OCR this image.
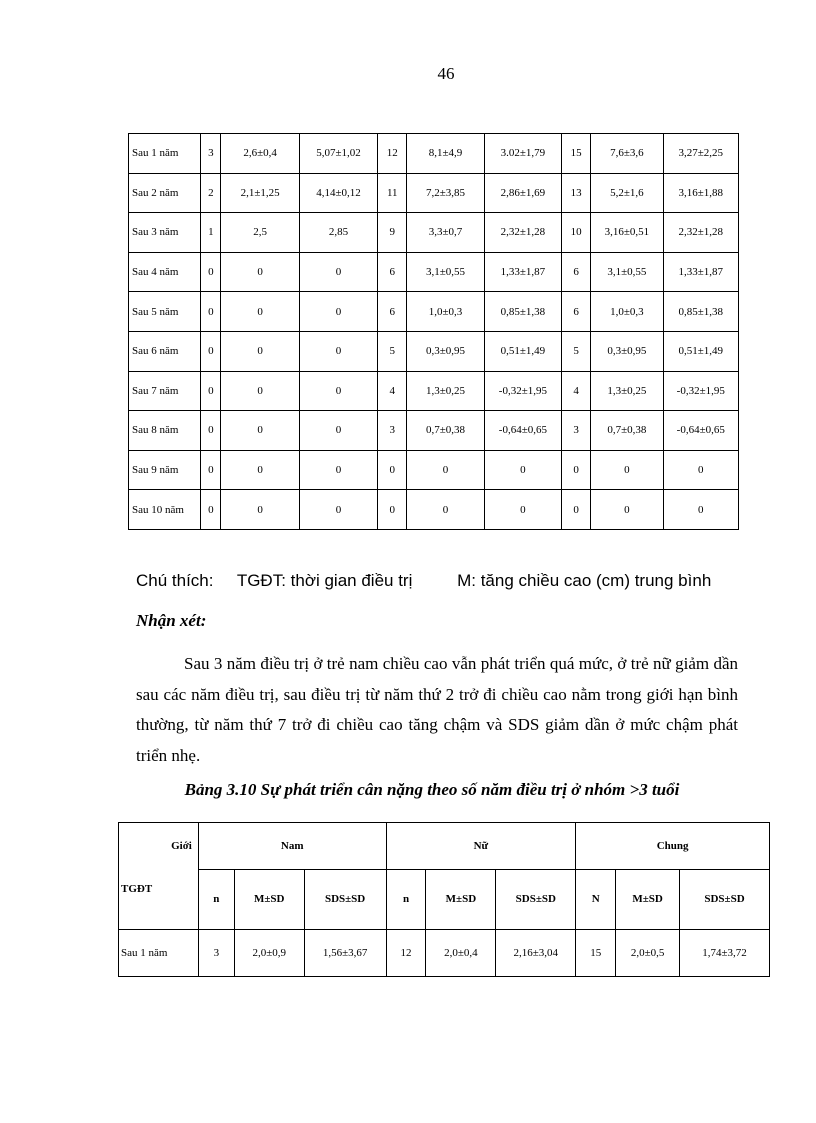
46
Sau 1 năm	3	2,6±0,4	5,07±1,02	12	8,1±4,9	3.02±1,79	15	7,6±3,6	3,27±2,25
Sau 2 năm	2	2,1±1,25	4,14±0,12	11	7,2±3,85	2,86±1,69	13	5,2±1,6	3,16±1,88
Sau 3 năm	1	2,5	2,85	9	3,3±0,7	2,32±1,28	10	3,16±0,51	2,32±1,28
Sau 4 năm	0	0	0	6	3,1±0,55	1,33±1,87	6	3,1±0,55	1,33±1,87
Sau 5 năm	0	0	0	6	1,0±0,3	0,85±1,38	6	1,0±0,3	0,85±1,38
Sau 6 năm	0	0	0	5	0,3±0,95	0,51±1,49	5	0,3±0,95	0,51±1,49
Sau 7 năm	0	0	0	4	1,3±0,25	-0,32±1,95	4	1,3±0,25	-0,32±1,95
Sau 8 năm	0	0	0	3	0,7±0,38	-0,64±0,65	3	0,7±0,38	-0,64±0,65
Sau 9 năm	0	0	0	0	0	0	0	0	0
Sau 10 năm	0	0	0	0	0	0	0	0	0
Chú thích: TGĐT: thời gian điều trị	M: tăng chiều cao (cm) trung bình
Nhận xét:

Sau 3 năm điều trị ở trẻ nam chiều cao vẫn phát triển quá mức, ở trẻ nữ giảm dần sau các năm điều trị, sau điều trị từ năm thứ 2 trở đi chiều cao nằm trong giới hạn bình thường, từ năm thứ 7 trở đi chiều cao tăng chậm và SDS giảm dần ở mức chậm phát triển nhẹ.

Bảng 3.10 Sự phát triển cân nặng theo số năm điều trị ở nhóm >3 tuổi
Giới	Nam			Nữ			Chung		
TGĐT	n	M±SD	SDS±SD	n	M±SD	SDS±SD	N	M±SD	SDS±SD
Sau 1 năm	3	2,0±0,9	1,56±3,67	12	2,0±0,4	2,16±3,04	15	2,0±0,5	1,74±3,72
